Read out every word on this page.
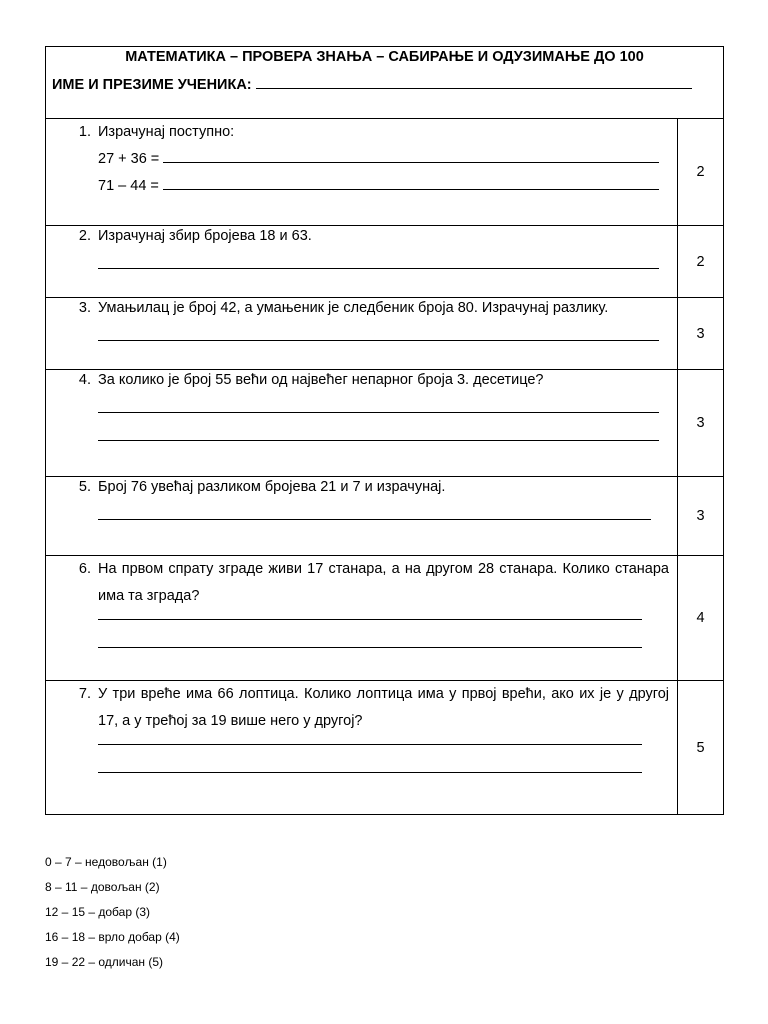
МАТЕМАТИКА – ПРОВЕРА ЗНАЊА – САБИРАЊЕ И ОДУЗИМАЊЕ ДО 100
ИМЕ И ПРЕЗИМЕ УЧЕНИКА:	

1. Израчунај поступно:
27 + 36 =
71 – 44 =	2

2. Израчунај збир бројева 18 и 63.	2

3. Умањилац је број 42, а умањеник је следбеник броја 80. Израчунај разлику.	3

4. За колико је број 55 већи од највећег непарног броја 3. десетице?	3

5. Број 76 увећај разликом бројева 21 и 7 и израчунај.	3

6. На првом спрату зграде живи 17 станара, а на другом 28 станара. Колико станара има та зграда?	4

7. У три вреће има 66 лоптица. Колико лоптица има у првој врећи, ако их је у другој 17, а у трећој за 19 више него у другој?	5
0 – 7 – недовољан (1)
8 – 11 – довољан (2)
12 – 15 – добар (3)
16 – 18 – врло добар (4)
19 – 22 – одличан (5)
